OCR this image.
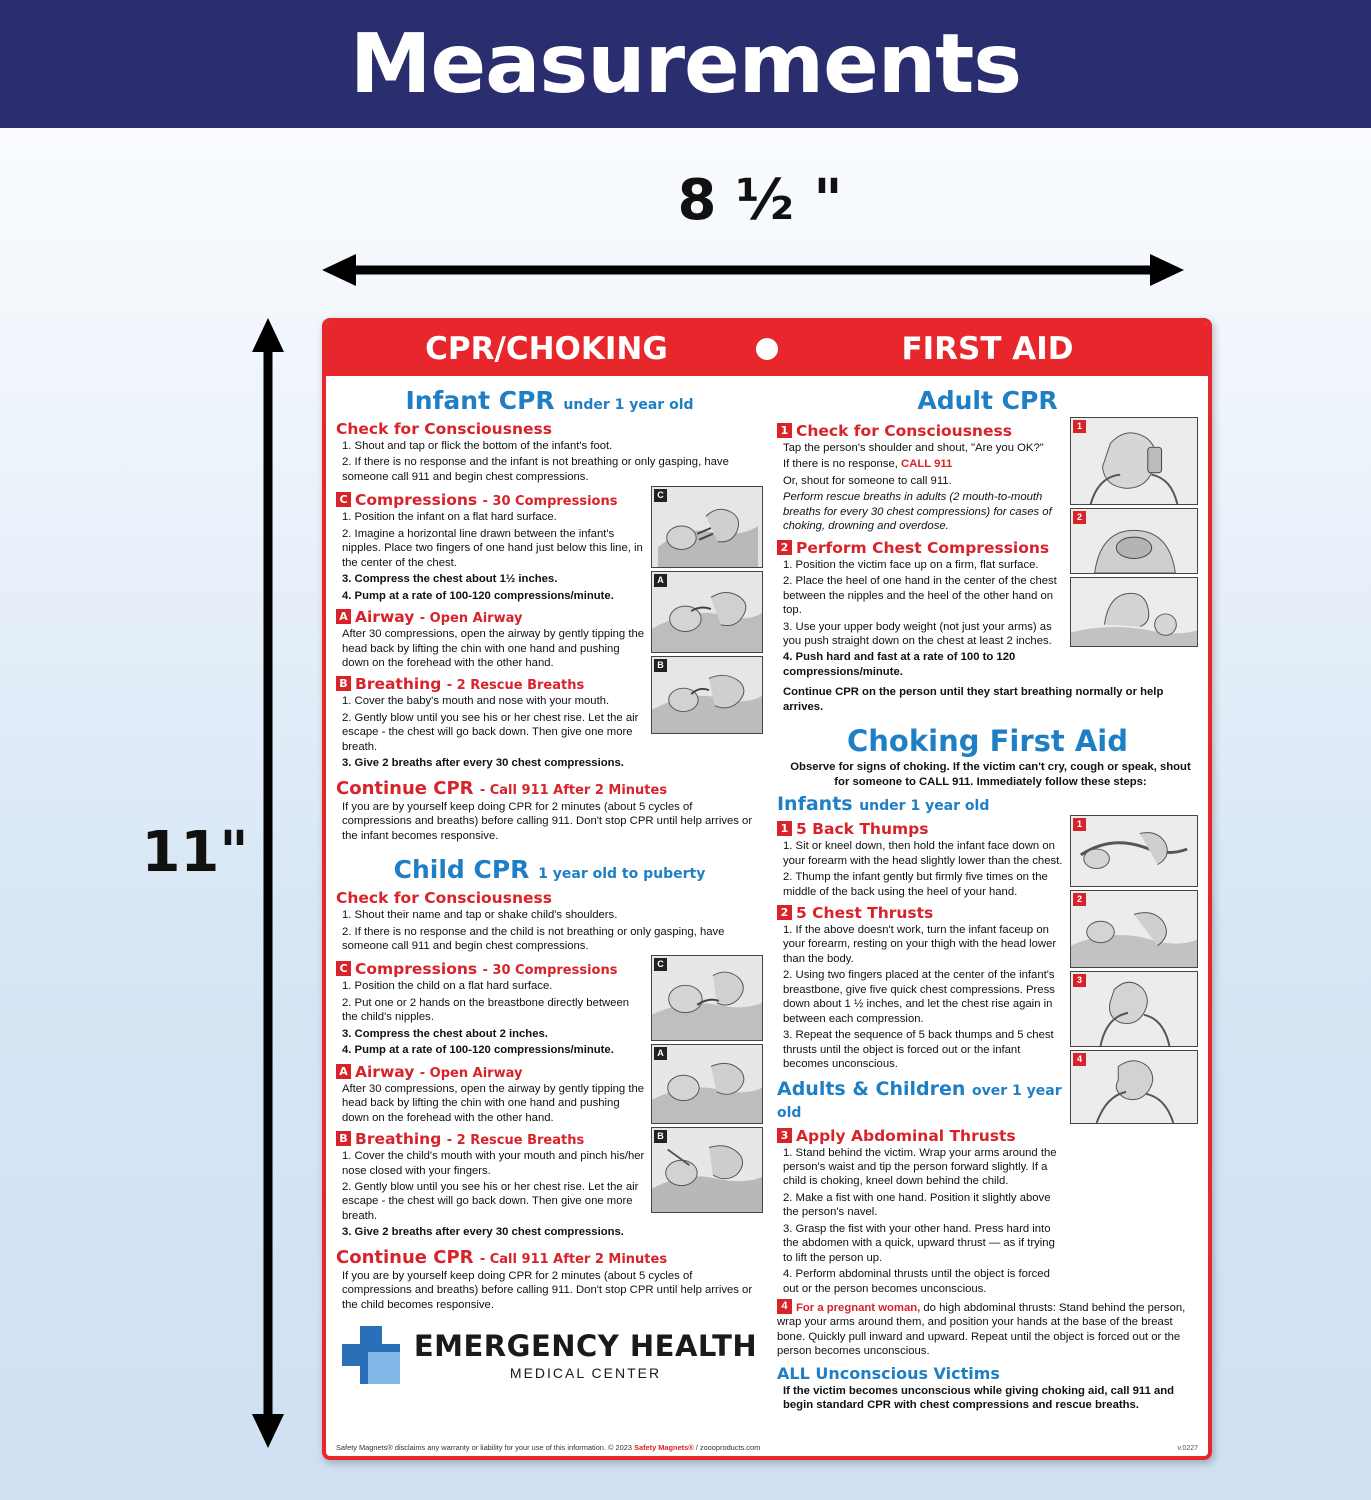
Measurements
8 ½ "
11"
CPR/CHOKING	FIRST AID
Infant CPR under 1 year old
Check for Consciousness

1. Shout and tap or flick the bottom of the infant's foot.

2. If there is no response and the infant is not breathing or only gasping, have someone call 911 and begin chest compressions.

C Compressions - 30 Compressions

1. Position the infant on a flat hard surface.

2. Imagine a horizontal line drawn between the infant's nipples. Place two fingers of one hand just below this line, in the center of the chest.

3. Compress the chest about 1½ inches.

4. Pump at a rate of 100-120 compressions/minute.

A Airway - Open Airway

After 30 compressions, open the airway by gently tipping the head back by lifting the chin with one hand and pushing down on the forehead with the other hand.

B Breathing - 2 Rescue Breaths

1. Cover the baby's mouth and nose with your mouth.

2. Gently blow until you see his or her chest rise. Let the air escape - the chest will go back down. Then give one more breath.

3. Give 2 breaths after every 30 chest compressions.

C
A
B
Continue CPR - Call 911 After 2 Minutes

If you are by yourself keep doing CPR for 2 minutes (about 5 cycles of compressions and breaths) before calling 911. Don't stop CPR until help arrives or the infant becomes responsive.

Child CPR 1 year old to puberty
Check for Consciousness

1. Shout their name and tap or shake child's shoulders.

2. If there is no response and the child is not breathing or only gasping, have someone call 911 and begin chest compressions.

C Compressions - 30 Compressions

1. Position the child on a flat hard surface.

2. Put one or 2 hands on the breastbone directly between the child's nipples.

3. Compress the chest about 2 inches.

4. Pump at a rate of 100-120 compressions/minute.

A Airway - Open Airway

After 30 compressions, open the airway by gently tipping the head back by lifting the chin with one hand and pushing down on the forehead with the other hand.

B Breathing - 2 Rescue Breaths

1. Cover the child's mouth with your mouth and pinch his/her nose closed with your fingers.

2. Gently blow until you see his or her chest rise. Let the air escape - the chest will go back down. Then give one more breath.

3. Give 2 breaths after every 30 chest compressions.

C
A
B
Continue CPR - Call 911 After 2 Minutes

If you are by yourself keep doing CPR for 2 minutes (about 5 cycles of compressions and breaths) before calling 911. Don't stop CPR until help arrives or the child becomes responsive.

EMERGENCY HEALTH
MEDICAL CENTER
Adult CPR
1 Check for Consciousness

Tap the person's shoulder and shout, "Are you OK?"

If there is no response, CALL 911

Or, shout for someone to call 911.

Perform rescue breaths in adults (2 mouth-to-mouth breaths for every 30 chest compressions) for cases of choking, drowning and overdose.

2 Perform Chest Compressions

1. Position the victim face up on a firm, flat surface.

2. Place the heel of one hand in the center of the chest between the nipples and the heel of the other hand on top.

3. Use your upper body weight (not just your arms) as you push straight down on the chest at least 2 inches.

4. Push hard and fast at a rate of 100 to 120 compressions/minute.

1
2

Continue CPR on the person until they start breathing normally or help arrives.

Choking First Aid

Observe for signs of choking. If the victim can't cry, cough or speak, shout for someone to CALL 911. Immediately follow these steps:

Infants under 1 year old
1 5 Back Thumps

1. Sit or kneel down, then hold the infant face down on your forearm with the head slightly lower than the chest.

2. Thump the infant gently but firmly five times on the middle of the back using the heel of your hand.

2 5 Chest Thrusts

1. If the above doesn't work, turn the infant faceup on your forearm, resting on your thigh with the head lower than the body.

2. Using two fingers placed at the center of the infant's breastbone, give five quick chest compressions. Press down about 1 ½ inches, and let the chest rise again in between each compression.

3. Repeat the sequence of 5 back thumps and 5 chest thrusts until the object is forced out or the infant becomes unconscious.

Adults & Children over 1 year old
3 Apply Abdominal Thrusts

1. Stand behind the victim. Wrap your arms around the person's waist and tip the person forward slightly. If a child is choking, kneel down behind the child.

2. Make a fist with one hand. Position it slightly above the person's navel.

3. Grasp the fist with your other hand. Press hard into the abdomen with a quick, upward thrust — as if trying to lift the person up.

4. Perform abdominal thrusts until the object is forced out or the person becomes unconscious.

1
2
3
4

4 For a pregnant woman, do high abdominal thrusts: Stand behind the person, wrap your arms around them, and position your hands at the base of the breast bone. Quickly pull inward and upward. Repeat until the object is forced out or the person becomes unconscious.

ALL Unconscious Victims

If the victim becomes unconscious while giving choking aid, call 911 and begin standard CPR with chest compressions and rescue breaths.

Safety Magnets® disclaims any warranty or liability for your use of this information. © 2023 Safety Magnets® / zoooproducts.com	v.0227
